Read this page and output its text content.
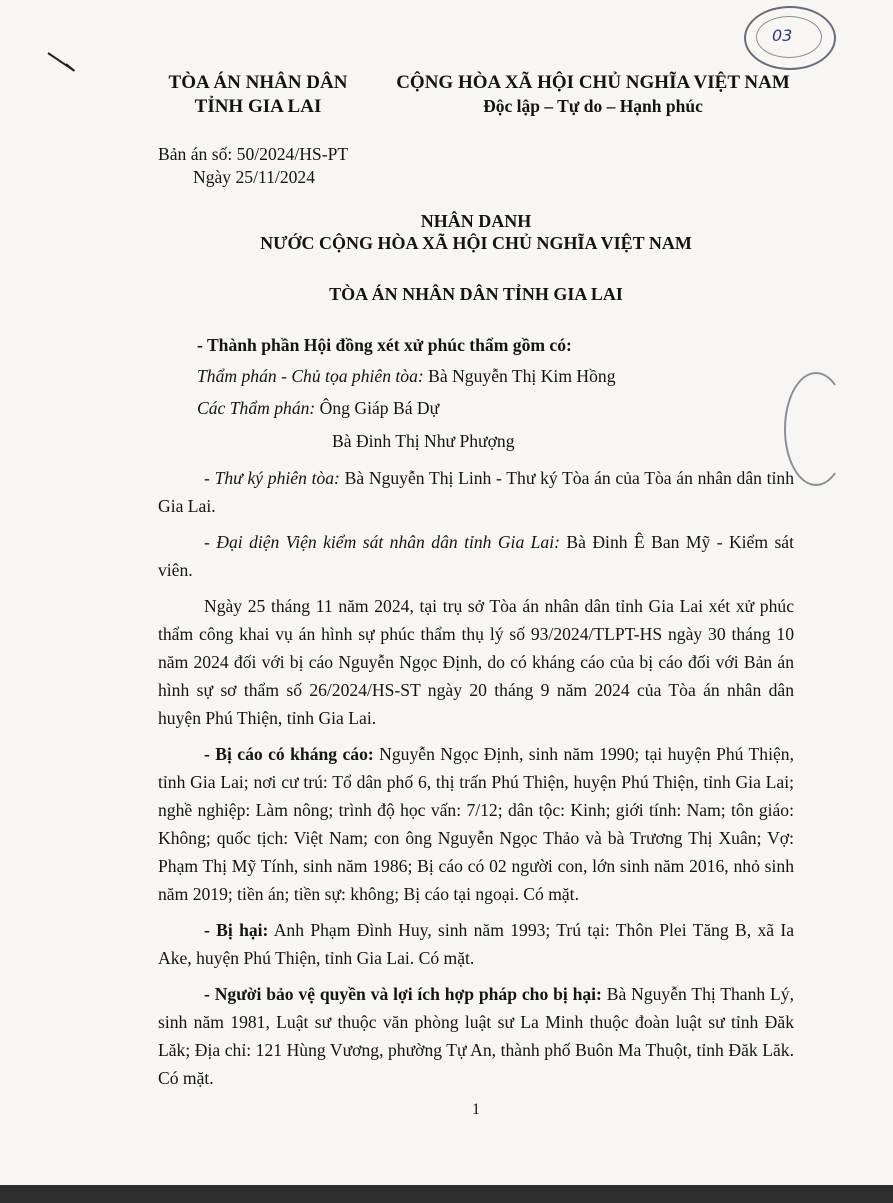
03
TÒA ÁN NHÂN DÂN
TỈNH GIA LAI
CỘNG HÒA XÃ HỘI CHỦ NGHĨA VIỆT NAM
Độc lập – Tự do – Hạnh phúc
Bản án số: 50/2024/HS-PT
Ngày 25/11/2024
NHÂN DANH
NƯỚC CỘNG HÒA XÃ HỘI CHỦ NGHĨA VIỆT NAM
TÒA ÁN NHÂN DÂN TỈNH GIA LAI
- Thành phần Hội đồng xét xử phúc thẩm gồm có:
Thẩm phán - Chủ tọa phiên tòa: Bà Nguyễn Thị Kim Hồng
Các Thẩm phán: Ông Giáp Bá Dự
Bà Đinh Thị Như Phượng

- Thư ký phiên tòa: Bà Nguyễn Thị Linh - Thư ký Tòa án của Tòa án nhân dân tỉnh Gia Lai.

- Đại diện Viện kiểm sát nhân dân tỉnh Gia Lai: Bà Đinh Ê Ban Mỹ - Kiểm sát viên.

Ngày 25 tháng 11 năm 2024, tại trụ sở Tòa án nhân dân tỉnh Gia Lai xét xử phúc thẩm công khai vụ án hình sự phúc thẩm thụ lý số 93/2024/TLPT-HS ngày 30 tháng 10 năm 2024 đối với bị cáo Nguyễn Ngọc Định, do có kháng cáo của bị cáo đối với Bản án hình sự sơ thẩm số 26/2024/HS-ST ngày 20 tháng 9 năm 2024 của Tòa án nhân dân huyện Phú Thiện, tỉnh Gia Lai.

- Bị cáo có kháng cáo: Nguyễn Ngọc Định, sinh năm 1990; tại huyện Phú Thiện, tỉnh Gia Lai; nơi cư trú: Tổ dân phố 6, thị trấn Phú Thiện, huyện Phú Thiện, tỉnh Gia Lai; nghề nghiệp: Làm nông; trình độ học vấn: 7/12; dân tộc: Kinh; giới tính: Nam; tôn giáo: Không; quốc tịch: Việt Nam; con ông Nguyễn Ngọc Thảo và bà Trương Thị Xuân; Vợ: Phạm Thị Mỹ Tính, sinh năm 1986; Bị cáo có 02 người con, lớn sinh năm 2016, nhỏ sinh năm 2019; tiền án; tiền sự: không; Bị cáo tại ngoại. Có mặt.

- Bị hại: Anh Phạm Đình Huy, sinh năm 1993; Trú tại: Thôn Plei Tăng B, xã Ia Ake, huyện Phú Thiện, tỉnh Gia Lai. Có mặt.

- Người bảo vệ quyền và lợi ích hợp pháp cho bị hại: Bà Nguyễn Thị Thanh Lý, sinh năm 1981, Luật sư thuộc văn phòng luật sư La Minh thuộc đoàn luật sư tỉnh Đăk Lăk; Địa chỉ: 121 Hùng Vương, phường Tự An, thành phố Buôn Ma Thuột, tỉnh Đăk Lăk. Có mặt.

1
